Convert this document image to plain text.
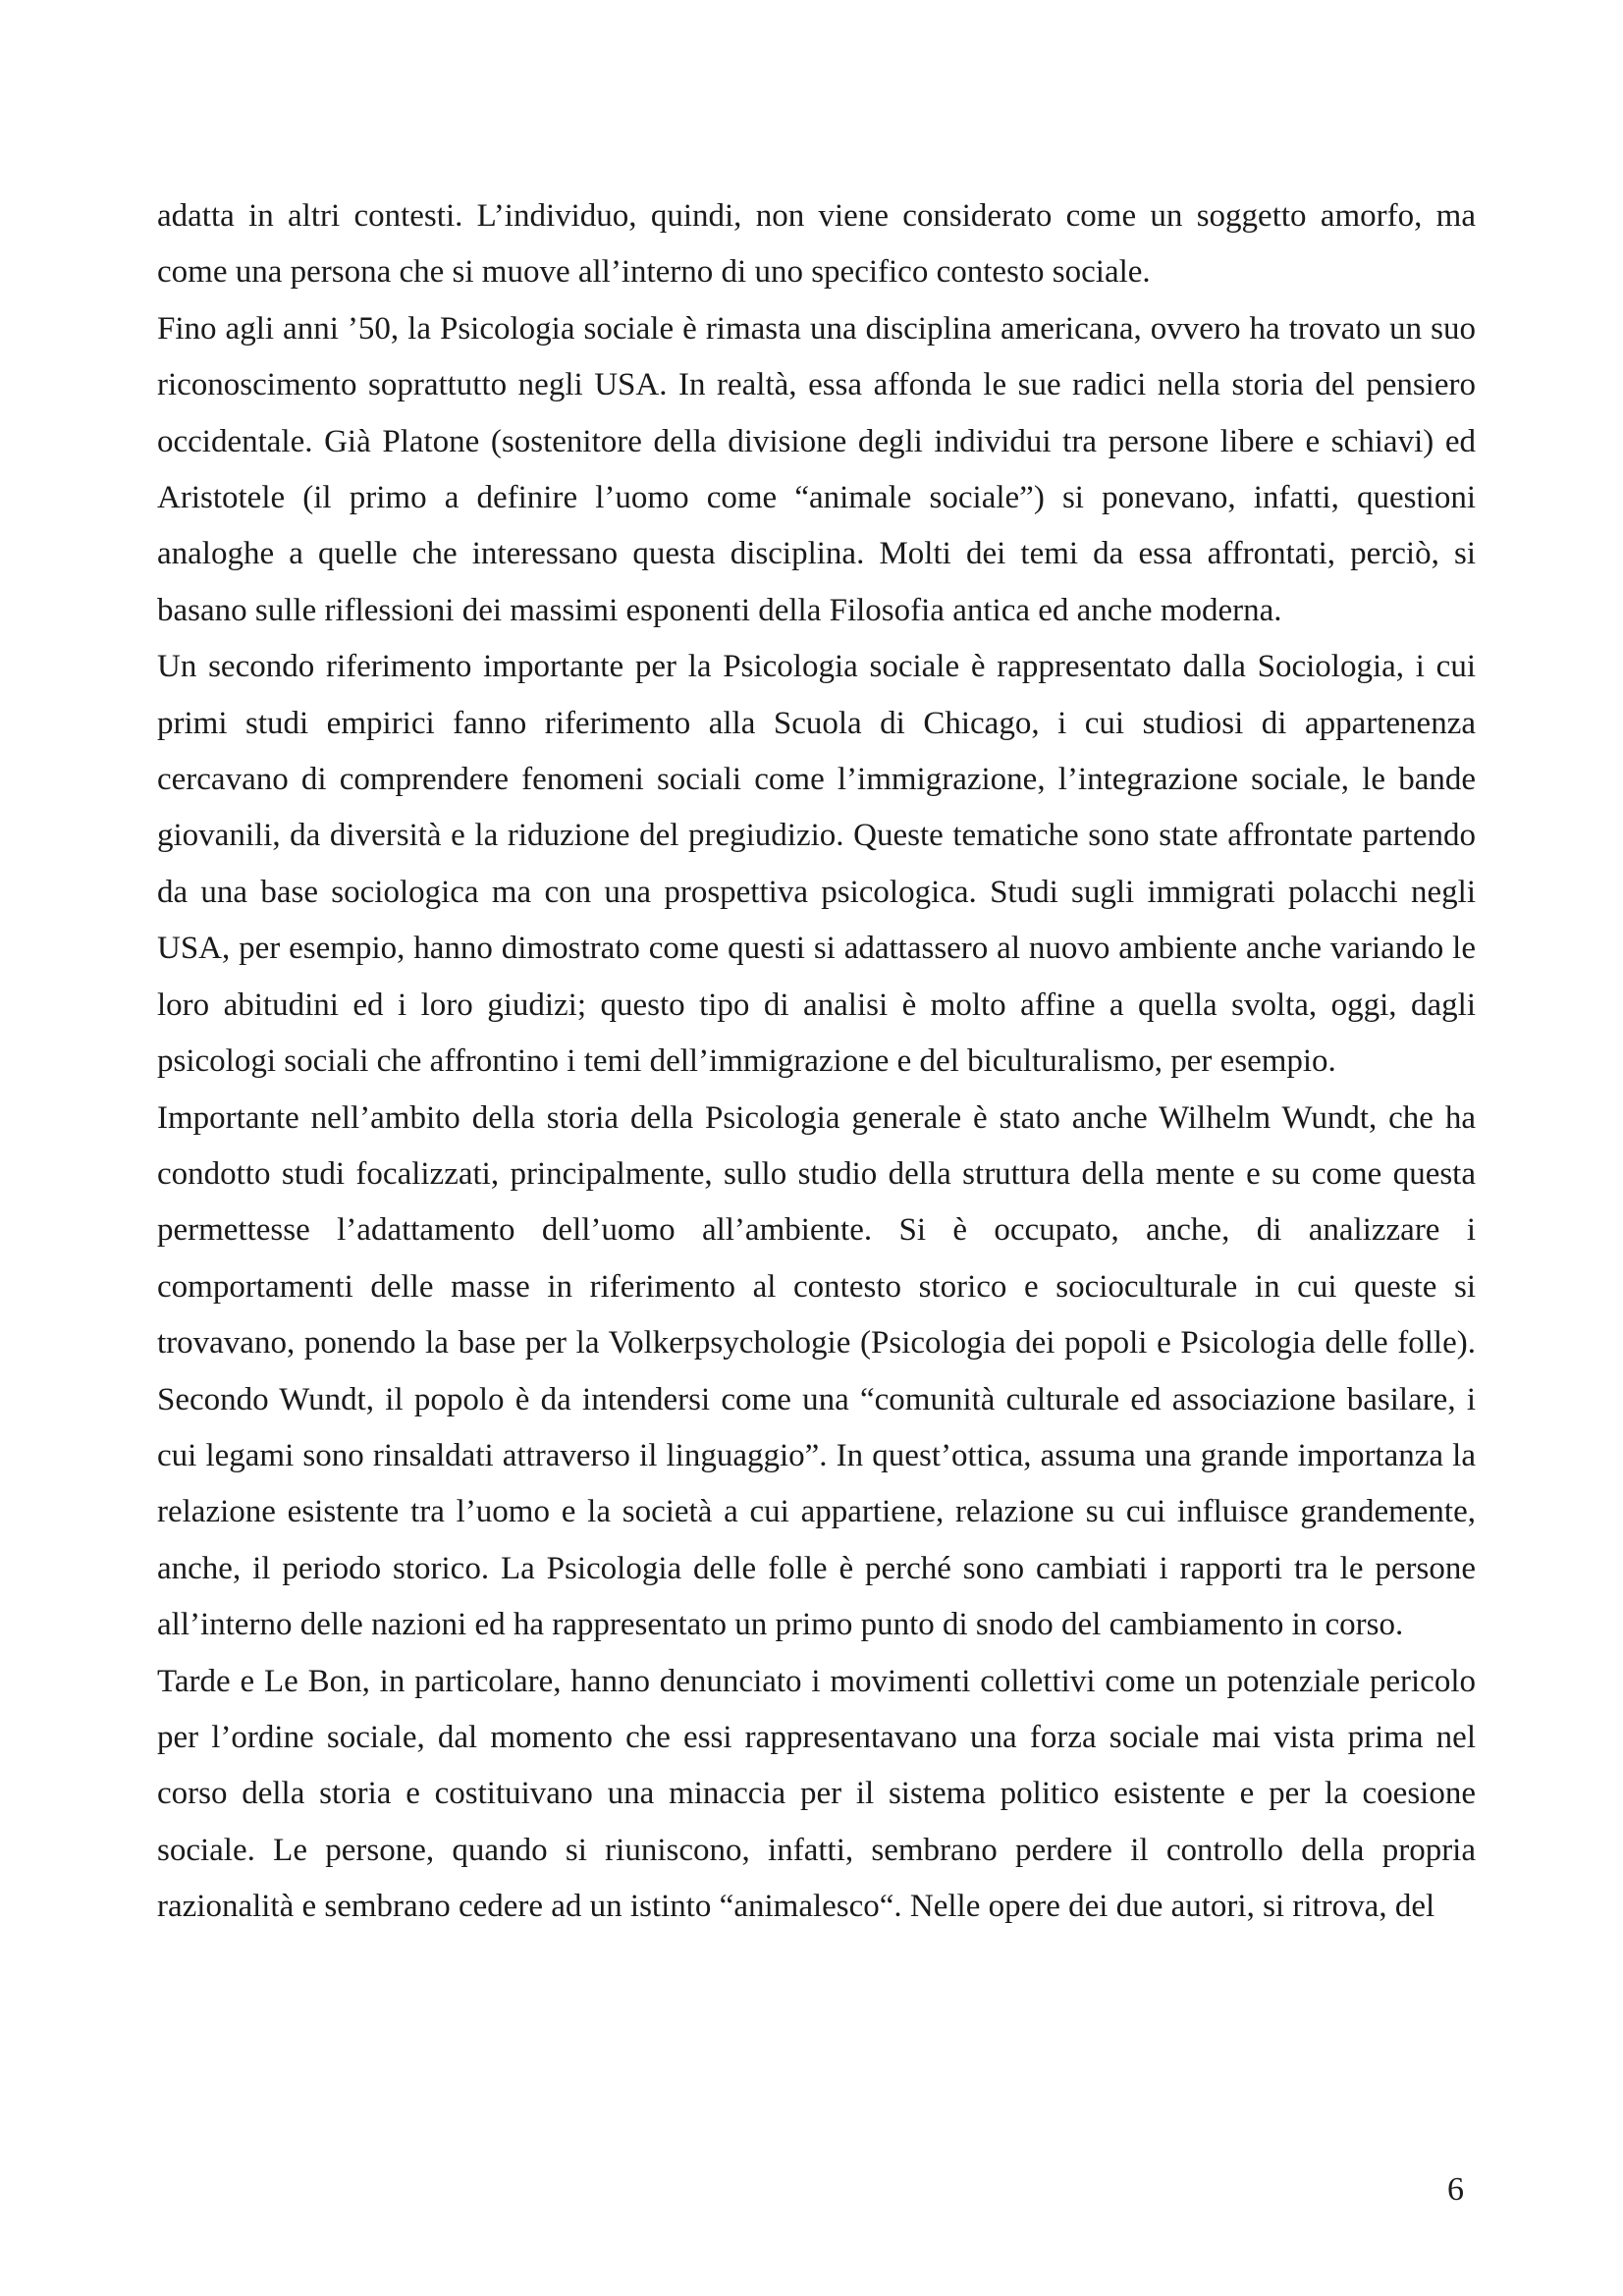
adatta in altri contesti. L’individuo, quindi, non viene considerato come un soggetto amorfo, ma come una persona che si muove all’interno di uno specifico contesto sociale.

Fino agli anni ’50, la Psicologia sociale è rimasta una disciplina americana, ovvero ha trovato un suo riconoscimento soprattutto negli USA. In realtà, essa affonda le sue radici nella storia del pensiero occidentale. Già Platone (sostenitore della divisione degli individui tra persone libere e schiavi) ed Aristotele (il primo a definire l’uomo come “animale sociale”) si ponevano, infatti, questioni analoghe a quelle che interessano questa disciplina. Molti dei temi da essa affrontati, perciò, si basano sulle riflessioni dei massimi esponenti della Filosofia antica ed anche moderna.

Un secondo riferimento importante per la Psicologia sociale è rappresentato dalla Sociologia, i cui primi studi empirici fanno riferimento alla Scuola di Chicago, i cui studiosi di appartenenza cercavano di comprendere fenomeni sociali come l’immigrazione, l’integrazione sociale, le bande giovanili, da diversità e la riduzione del pregiudizio. Queste tematiche sono state affrontate partendo da una base sociologica ma con una prospettiva psicologica. Studi sugli immigrati polacchi negli USA, per esempio, hanno dimostrato come questi si adattassero al nuovo ambiente anche variando le loro abitudini ed i loro giudizi; questo tipo di analisi è molto affine a quella svolta, oggi, dagli psicologi sociali che affrontino i temi dell’immigrazione e del biculturalismo, per esempio.

Importante nell’ambito della storia della Psicologia generale è stato anche Wilhelm Wundt, che ha condotto studi focalizzati, principalmente, sullo studio della struttura della mente e su come questa permettesse l’adattamento dell’uomo all’ambiente. Si è occupato, anche, di analizzare i comportamenti delle masse in riferimento al contesto storico e socioculturale in cui queste si trovavano, ponendo la base per la Volkerpsychologie (Psicologia dei popoli e Psicologia delle folle). Secondo Wundt, il popolo è da intendersi come una “comunità culturale ed associazione basilare, i cui legami sono rinsaldati attraverso il linguaggio”. In quest’ottica, assuma una grande importanza la relazione esistente tra l’uomo e la società a cui appartiene, relazione su cui influisce grandemente, anche, il periodo storico. La Psicologia delle folle è perché sono cambiati i rapporti tra le persone all’interno delle nazioni ed ha rappresentato un primo punto di snodo del cambiamento in corso.

Tarde e Le Bon, in particolare, hanno denunciato i movimenti collettivi come un potenziale pericolo per l’ordine sociale, dal momento che essi rappresentavano una forza sociale mai vista prima nel corso della storia e costituivano una minaccia per il sistema politico esistente e per la coesione sociale. Le persone, quando si riuniscono, infatti, sembrano perdere il controllo della propria razionalità e sembrano cedere ad un istinto “animalesco“. Nelle opere dei due autori, si ritrova, del

6
